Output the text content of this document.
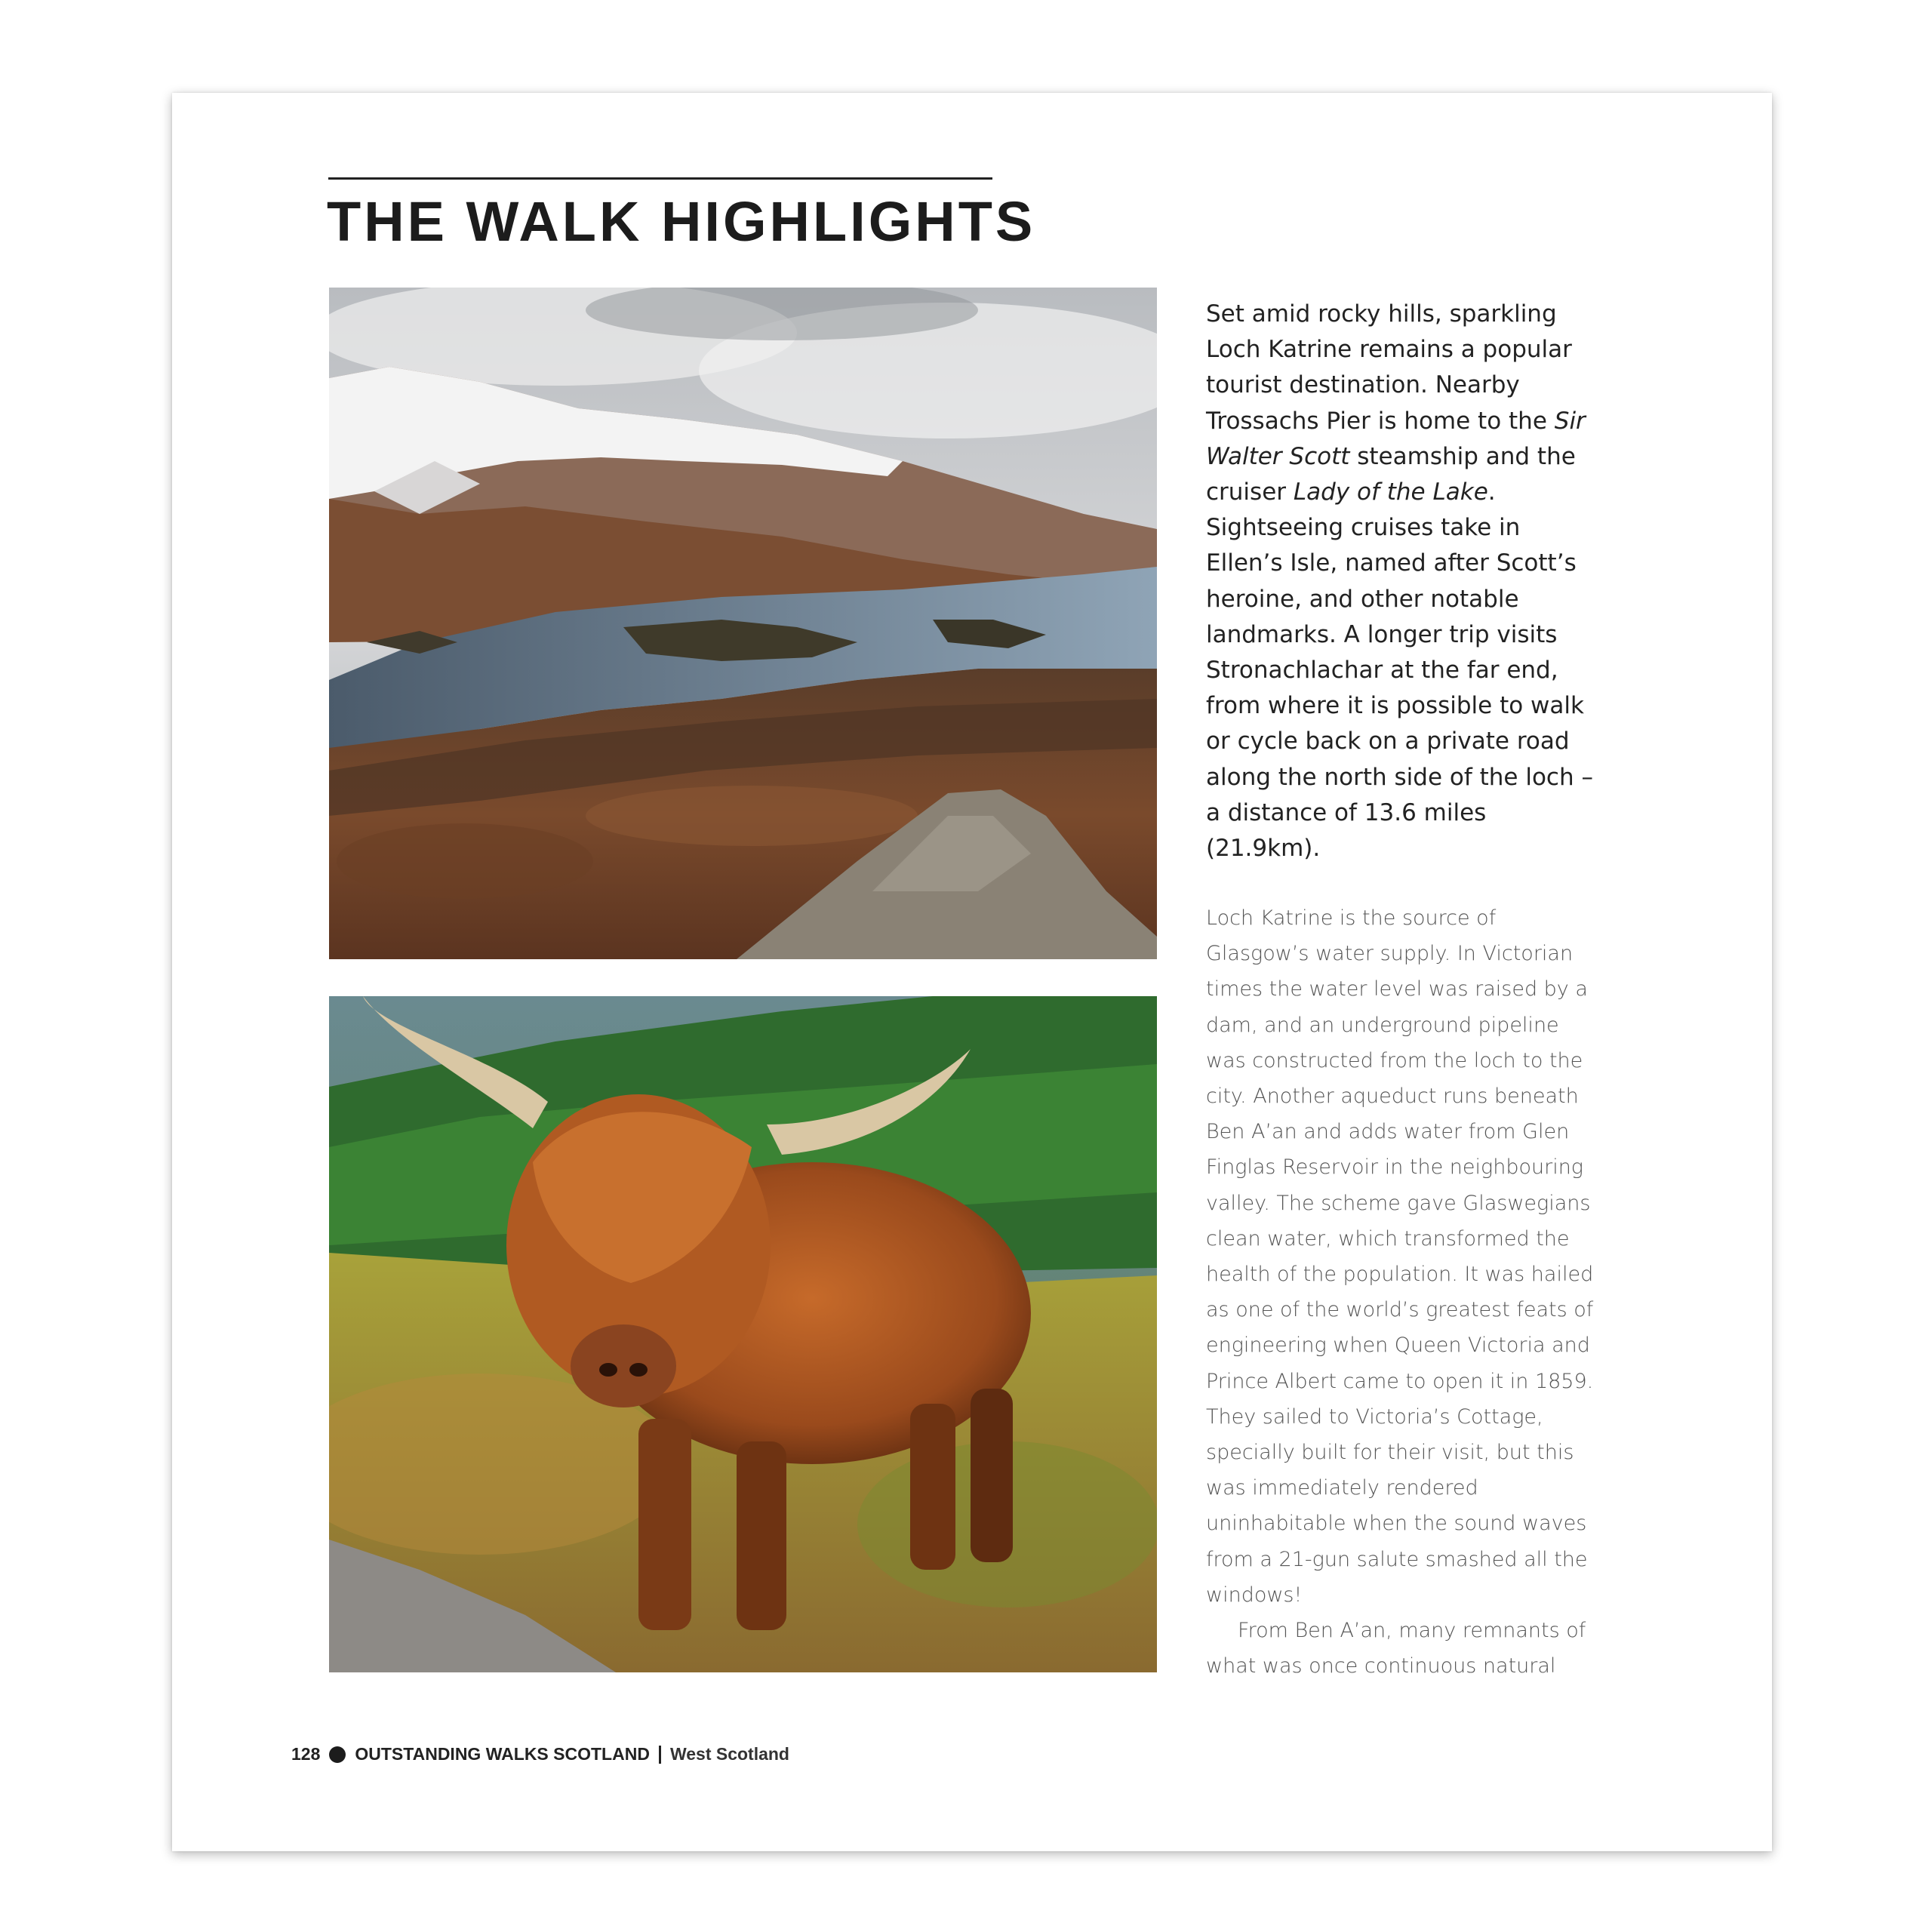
THE WALK HIGHLIGHTS

Set amid rocky hills, sparkling Loch Katrine remains a popular tourist destination. Nearby Trossachs Pier is home to the Sir Walter Scott steamship and the cruiser Lady of the Lake. Sightseeing cruises take in Ellen’s Isle, named after Scott’s heroine, and other notable landmarks. A longer trip visits Stronachlachar at the far end, from where it is possible to walk or cycle back on a private road along the north side of the loch – a distance of 13.6 miles (21.9km).

Loch Katrine is the source of Glasgow’s water supply. In Victorian times the water level was raised by a dam, and an underground pipeline was constructed from the loch to the city. Another aqueduct runs beneath Ben A’an and adds water from Glen Finglas Reservoir in the neighbouring valley. The scheme gave Glaswegians clean water, which transformed the health of the population. It was hailed as one of the world’s greatest feats of engineering when Queen Victoria and Prince Albert came to open it in 1859. They sailed to Victoria’s Cottage, specially built for their visit, but this was immediately rendered uninhabitable when the sound waves from a 21-gun salute smashed all the windows!

From Ben A’an, many remnants of what was once continuous natural

128 OUTSTANDING WALKS SCOTLAND West Scotland
